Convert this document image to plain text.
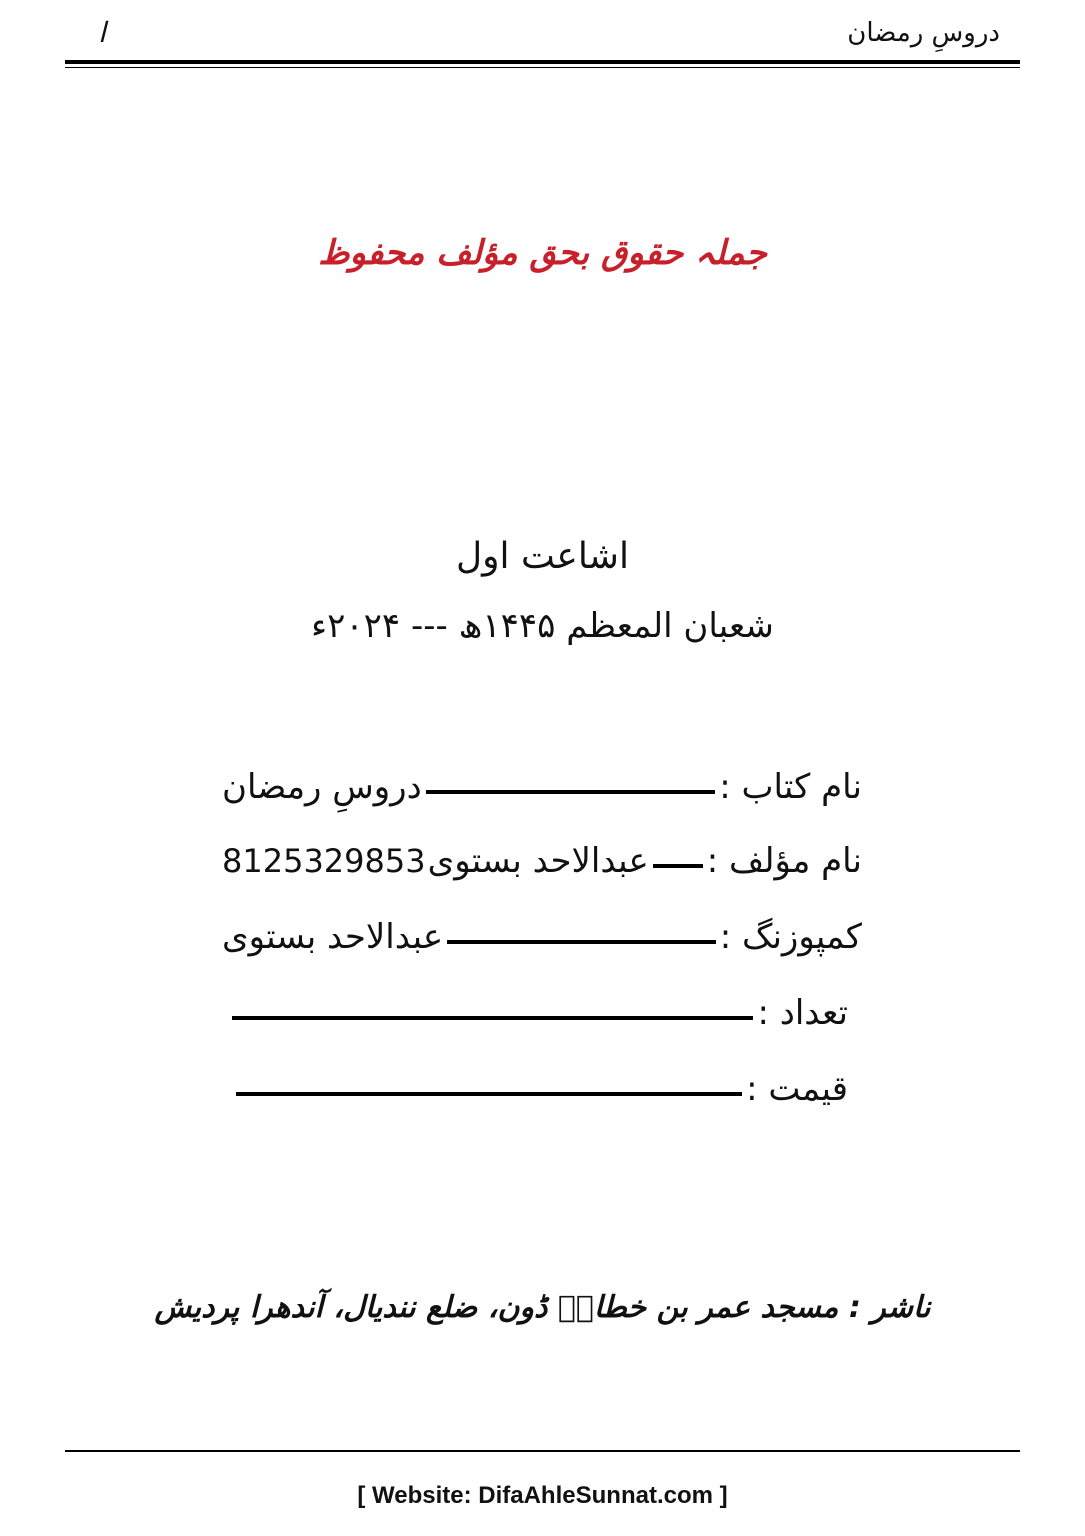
دروسِ رمضان
ا
جملہ حقوق بحق مؤلف محفوظ
اشاعت اول
شعبان المعظم ۱۴۴۵ھ --- ۲۰۲۴ء
نام کتاب :
دروسِ رمضان
نام مؤلف :
عبدالاحد بستوی
8125329853
کمپوزنگ :
عبدالاحد بستوی
تعداد :
قیمت :
ناشر : مسجد عمر بن خطابؓ ڈون، ضلع نندیال، آندھرا پردیش
[ Website: DifaAhleSunnat.com ]
